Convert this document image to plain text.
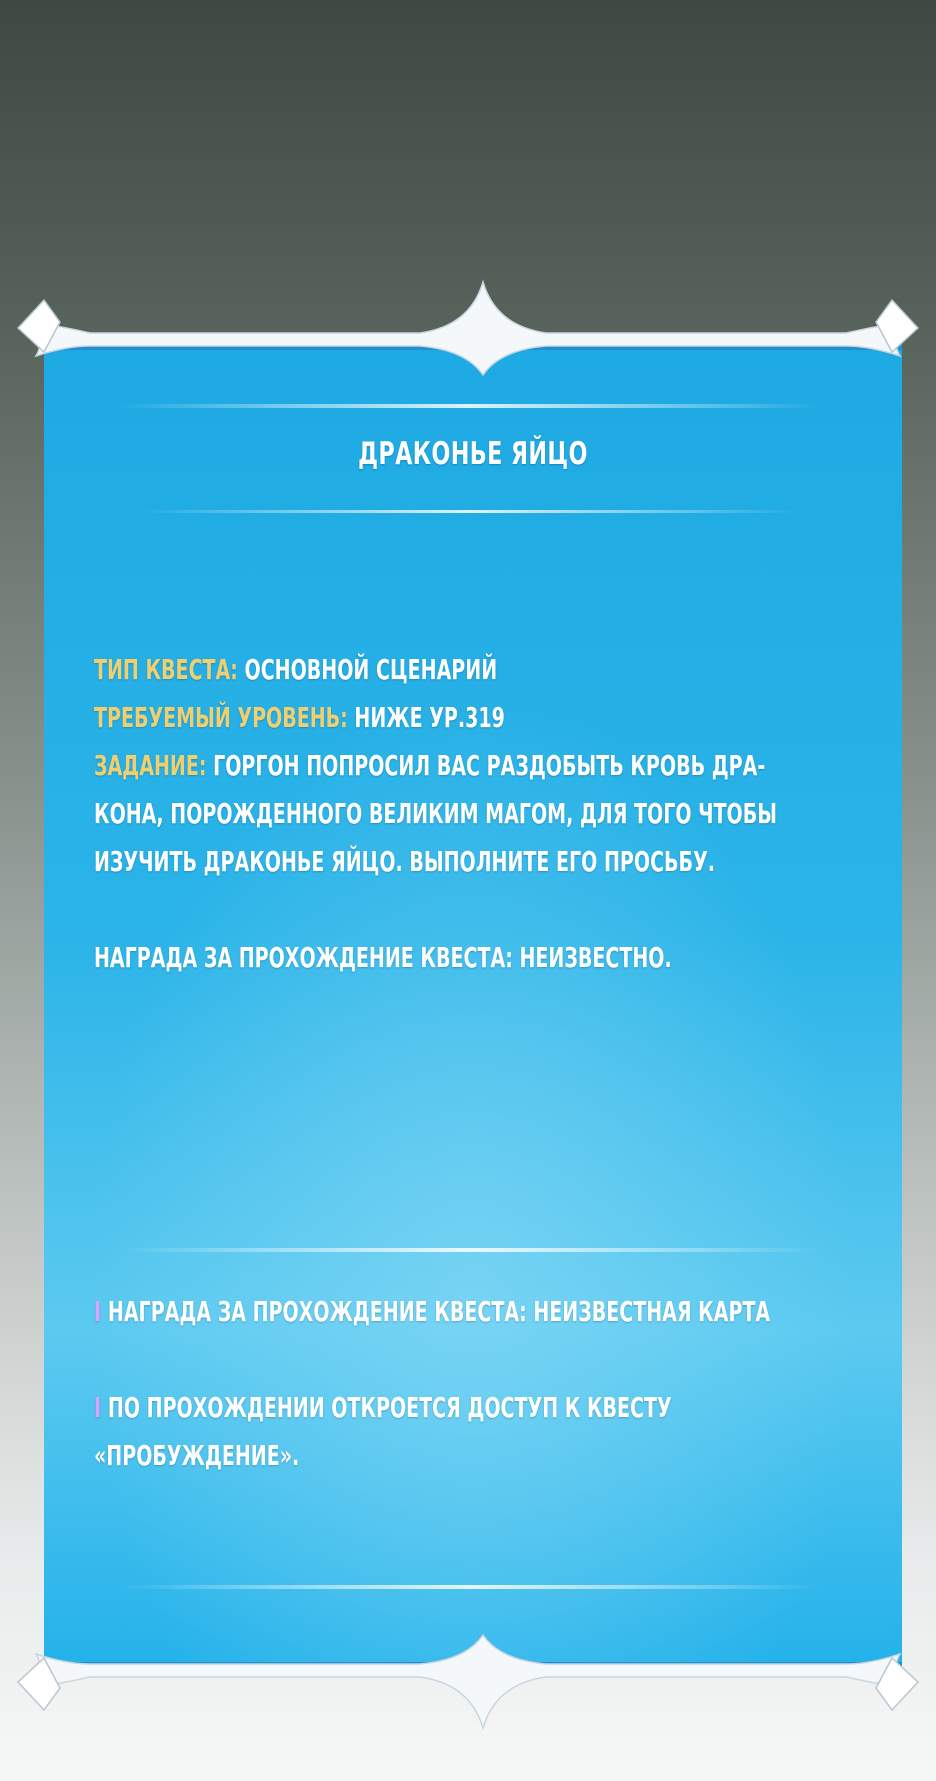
ДРАКОНЬЕ ЯЙЦО
ТИП КВЕСТА: ОСНОВНОЙ СЦЕНАРИЙ
ТРЕБУЕМЫЙ УРОВЕНЬ: НИЖЕ УР.319
ЗАДАНИЕ: ГОРГОН ПОПРОСИЛ ВАС РАЗДОБЫТЬ КРОВЬ ДРА-
КОНА, ПОРОЖДЕННОГО ВЕЛИКИМ МАГОМ, ДЛЯ ТОГО ЧТОБЫ
ИЗУЧИТЬ ДРАКОНЬЕ ЯЙЦО. ВЫПОЛНИТЕ ЕГО ПРОСЬБУ.
НАГРАДА ЗА ПРОХОЖДЕНИЕ КВЕСТА: НЕИЗВЕСТНО.
I НАГРАДА ЗА ПРОХОЖДЕНИЕ КВЕСТА: НЕИЗВЕСТНАЯ КАРТА
I ПО ПРОХОЖДЕНИИ ОТКРОЕТСЯ ДОСТУП К КВЕСТУ
«ПРОБУЖДЕНИЕ».
